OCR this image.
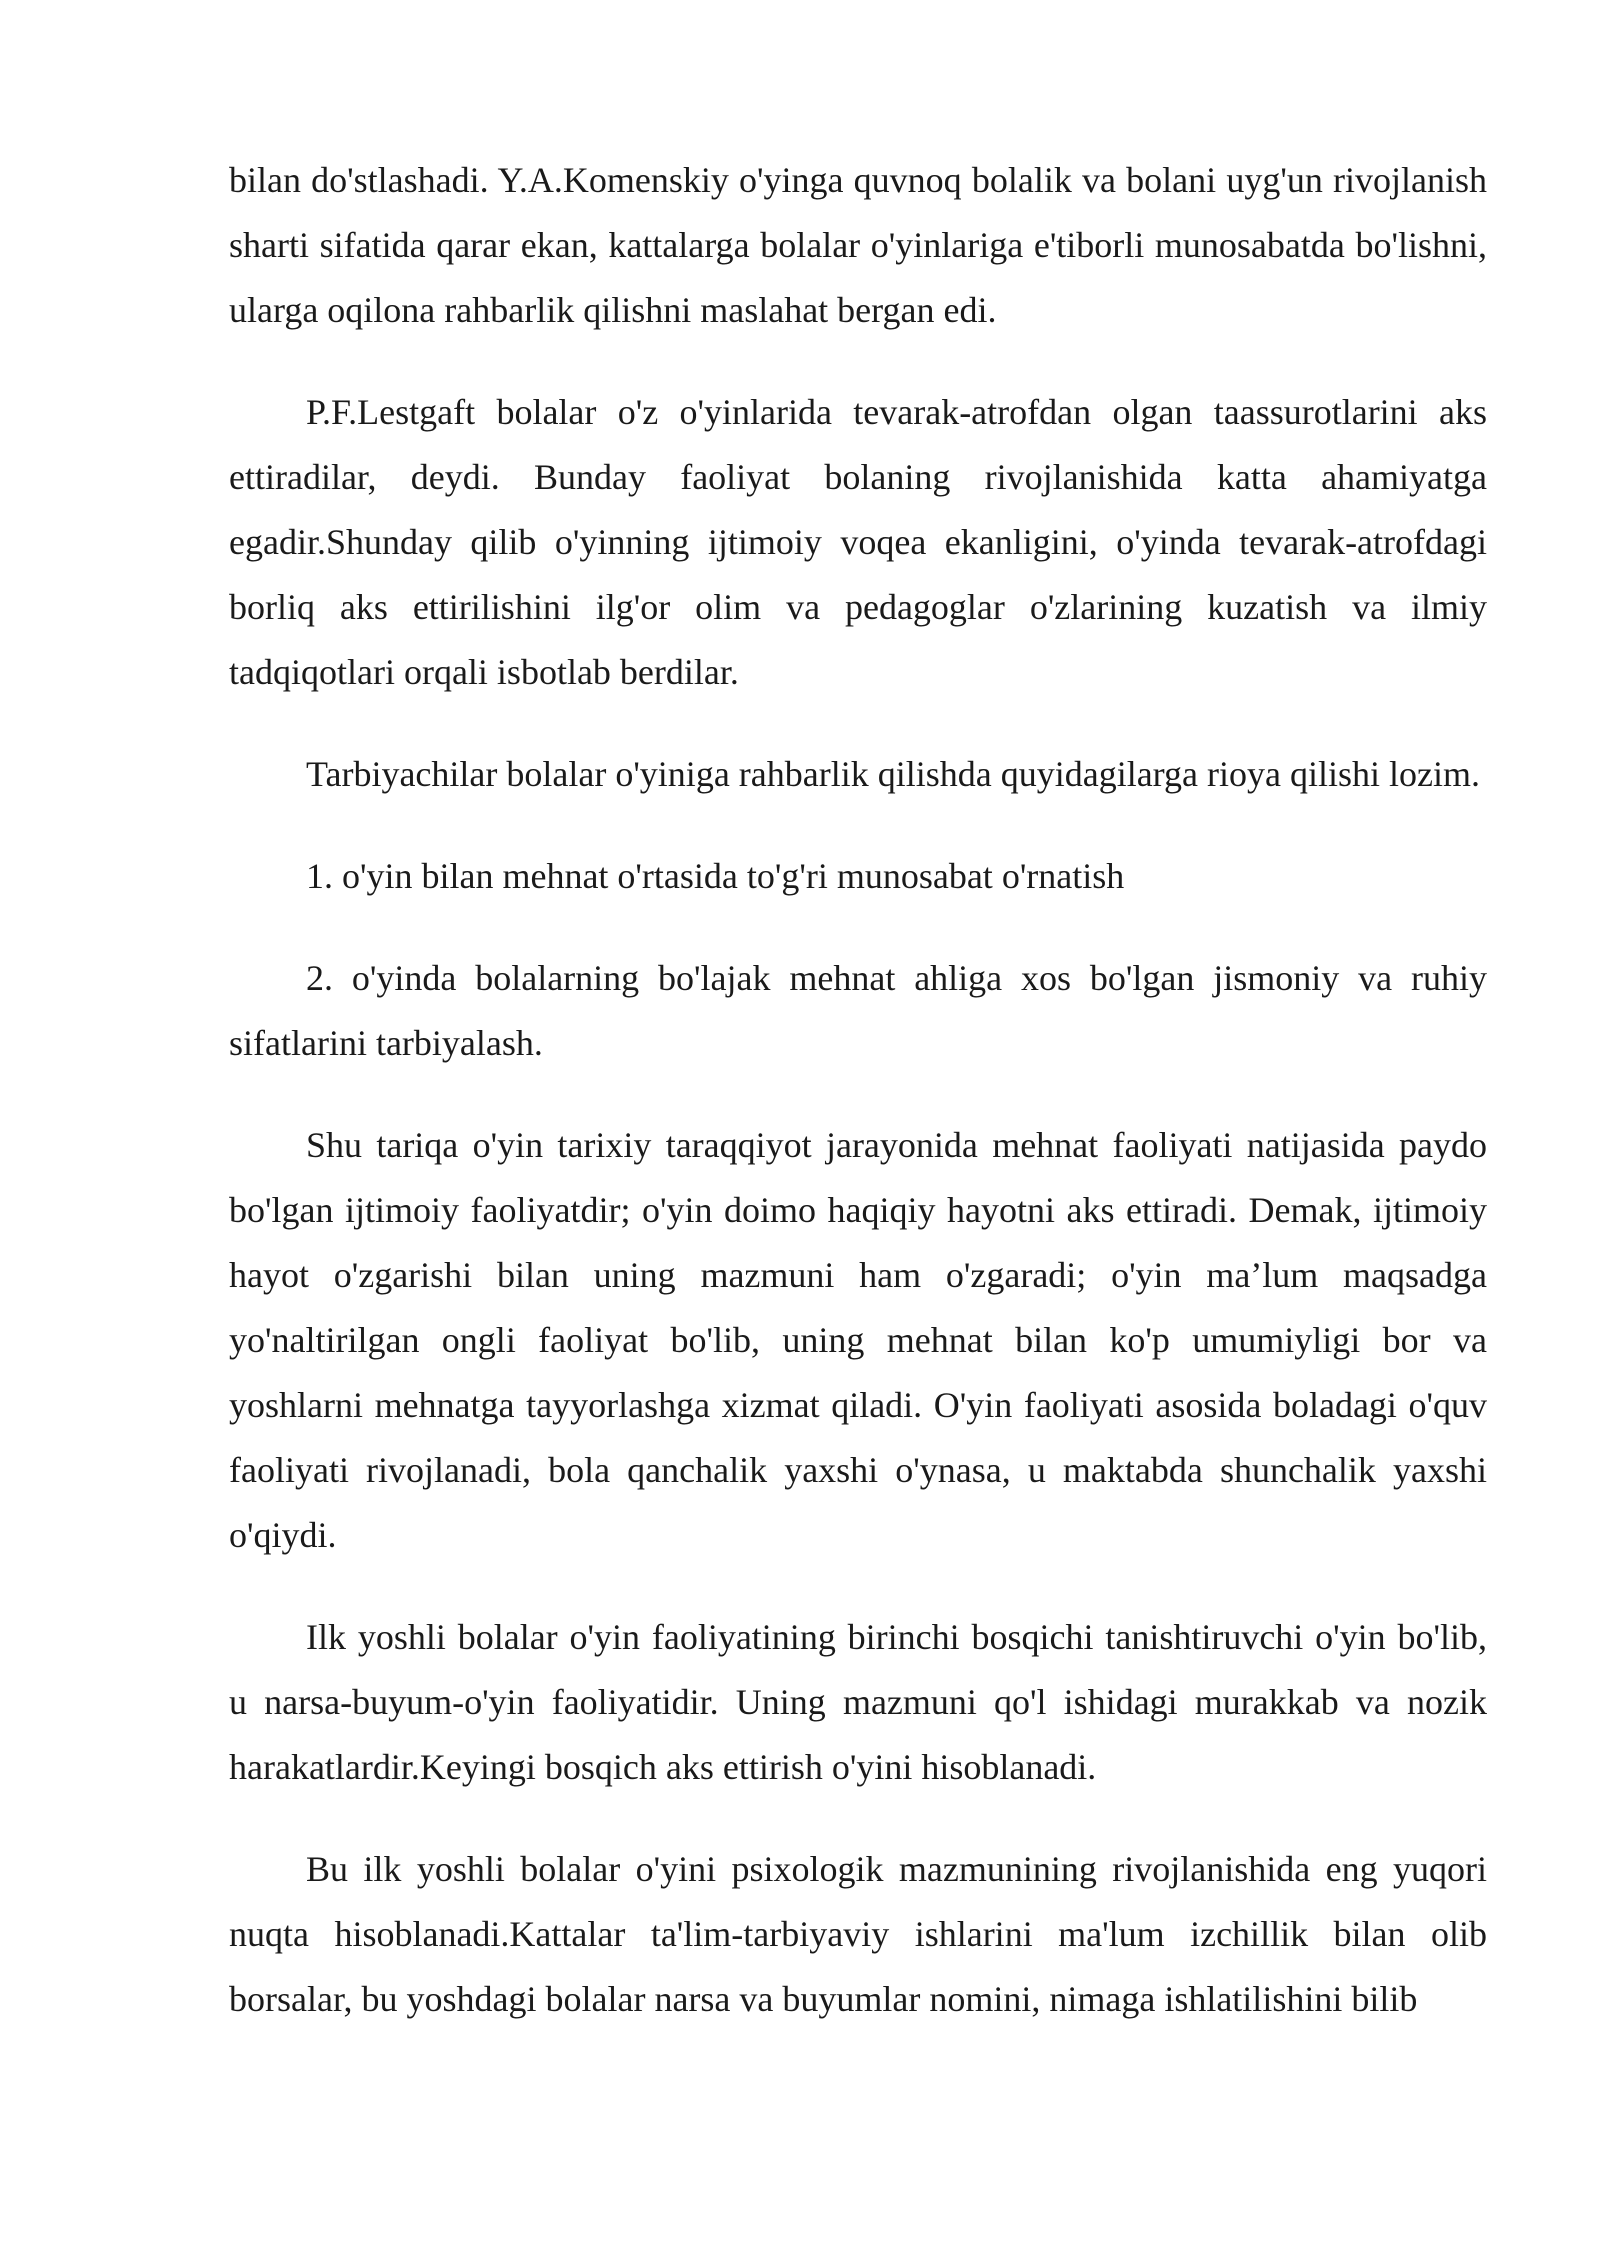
bilan do'stlashadi. Y.A.Komenskiy o'yinga quvnoq bolalik va bolani uyg'un rivojlanish sharti sifatida qarar ekan, kattalarga bolalar o'yinlariga e'tiborli munosabatda bo'lishni, ularga oqilona rahbarlik qilishni maslahat bergan edi.

P.F.Lestgaft bolalar o'z o'yinlarida tevarak-atrofdan olgan taassurotlarini aks ettiradilar, deydi. Bunday faoliyat bolaning rivojlanishida katta ahamiyatga egadir.Shunday qilib o'yinning ijtimoiy voqea ekanligini, o'yinda tevarak-atrofdagi borliq aks ettirilishini ilg'or olim va pedagoglar o'zlarining kuzatish va ilmiy tadqiqotlari orqali isbotlab berdilar.

Tarbiyachilar bolalar o'yiniga rahbarlik qilishda quyidagilarga rioya qilishi lozim.

1. o'yin bilan mehnat o'rtasida to'g'ri munosabat o'rnatish

2. o'yinda bolalarning bo'lajak mehnat ahliga xos bo'lgan jismoniy va ruhiy sifatlarini tarbiyalash.

Shu tariqa o'yin tarixiy taraqqiyot jarayonida mehnat faoliyati natijasida paydo bo'lgan ijtimoiy faoliyatdir; o'yin doimo haqiqiy hayotni aks ettiradi. Demak, ijtimoiy hayot o'zgarishi bilan uning mazmuni ham o'zgaradi; o'yin ma’lum maqsadga yo'naltirilgan ongli faoliyat bo'lib, uning mehnat bilan ko'p umumiyligi bor va yoshlarni mehnatga tayyorlashga xizmat qiladi. O'yin faoliyati asosida boladagi o'quv faoliyati rivojlanadi, bola qanchalik yaxshi o'ynasa, u maktabda shunchalik yaxshi o'qiydi.

Ilk yoshli bolalar o'yin faoliyatining birinchi bosqichi tanishtiruvchi o'yin bo'lib, u narsa-buyum-o'yin faoliyatidir. Uning mazmuni qo'l ishidagi murakkab va nozik harakatlardir.Keyingi bosqich aks ettirish o'yini hisoblanadi.

Bu ilk yoshli bolalar o'yini psixologik mazmunining rivojlanishida eng yuqori nuqta hisoblanadi.Kattalar ta'lim-tarbiyaviy ishlarini ma'lum izchillik bilan olib borsalar, bu yoshdagi bolalar narsa va buyumlar nomini, nimaga ishlatilishini bilib
